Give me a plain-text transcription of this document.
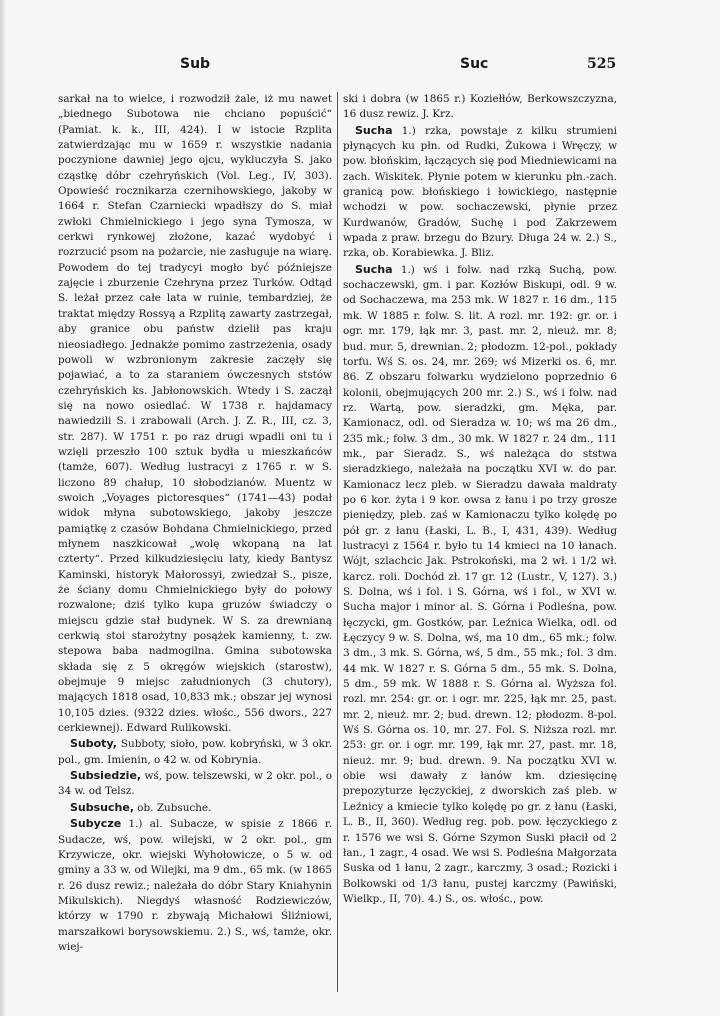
Sub	Suc	525

sarkał na to wielce, i rozwodził żale, iż mu nawet „biednego Subotowa nie chciano popuścić“ (Pamiat. k. k., III, 424). I w istocie Rzplita zatwierdzając mu w 1659 r. wszystkie nadania poczynione dawniej jego ojcu, wykluczyła S. jako cząstkę dóbr czehryńskich (Vol. Leg., IV, 303). Opowieść rocznikarza czernihowskiego, jakoby w 1664 r. Stefan Czarniecki wpadłszy do S. miał zwłoki Chmielnickiego i jego syna Tymosza, w cerkwi rynkowej złożone, kazać wydobyć i rozrzucić psom na pożarcie, nie zasługuje na wiarę. Powodem do tej tradycyi mogło być późniejsze zajęcie i zburzenie Czehryna przez Turków. Odtąd S. leżał przez całe lata w ruinie, tembardziej, że traktat między Rossyą a Rzplitą zawarty zastrzegał, aby granice obu państw dzielił pas kraju nieosiadłego. Jednakże pomimo zastrzeżenia, osady powoli w wzbronionym zakresie zaczęły się pojawiać, a to za staraniem ówczesnych ststów czehryńskich ks. Jabłonowskich. Wtedy i S. zaczął się na nowo osiedlać. W 1738 r. hajdamacy nawiedzili S. i zrabowali (Arch. J. Z. R., III, cz. 3, str. 287). W 1751 r. po raz drugi wpadli oni tu i wzięli przeszło 100 sztuk bydła u mieszkańców (tamże, 607). Według lustracyi z 1765 r. w S. liczono 89 chałup, 10 słobodzianów. Muentz w swoich „Voyages pictoresques“ (1741—43) podał widok młyna subotowskiego, jakoby jeszcze pamiątkę z czasów Bohdana Chmielnickiego, przed młynem naszkicował „wolę wkopaną na lat czterty“. Przed kilkudziesięciu laty, kiedy Bantysz Kaminski, historyk Małorossyi, zwiedzał S., pisze, że ściany domu Chmielnickiego były do połowy rozwalone; dziś tylko kupa gruzów świadczy o miejscu gdzie stał budynek. W S. za drewnianą cerkwią stoi starożytny posążek kamienny, t. zw. stepowa baba nadmogilna. Gmina subotowska składa się z 5 okręgów wiejskich (starostw), obejmuje 9 miejsc załudnionych (3 chutory), mających 1818 osad, 10,833 mk.; obszar jej wynosi 10,105 dzies. (9322 dzies. włośc., 556 dwors., 227 cerkiewnej). Edward Rulikowski.

Suboty, Subboty, sioło, pow. kobryński, w 3 okr. pol., gm. Imienin, o 42 w. od Kobrynia.

Subsiedzie, wś, pow. telszewski, w 2 okr. pol., o 34 w. od Telsz.

Subsuche, ob. Zubsuche.

Subycze 1.) al. Subacze, w spisie z 1866 r. Sudacze, wś, pow. wilejski, w 2 okr. pol., gm Krzywicze, okr. wiejski Wyhołowicze, o 5 w. od gminy a 33 w. od Wilejki, ma 9 dm., 65 mk. (w 1865 r. 26 dusz rewiz.; należała do dóbr Stary Kniahynin Mikulskich). Niegdyś własność Rodziewiczów, którzy w 1790 r. zbywają Michałowi Śliźniowi, marszałkowi borysowskiemu. 2.) S., wś, tamże, okr. wiej-

ski i dobra (w 1865 r.) Koziełłów, Berkowszczyzna, 16 dusz rewiz. J. Krz.

Sucha 1.) rzka, powstaje z kilku strumieni płynących ku płn. od Rudki, Żukowa i Wręczy, w pow. błońskim, łączących się pod Miedniewicami na zach. Wiskitek. Płynie potem w kierunku płn.-zach. granicą pow. błońskiego i łowickiego, następnie wchodzi w pow. sochaczewski, płynie przez Kurdwanów, Gradów, Suchę i pod Zakrzewem wpada z praw. brzegu do Bzury. Długa 24 w. 2.) S., rzka, ob. Korabiewka. J. Bliz.

Sucha 1.) wś i folw. nad rzką Suchą, pow. sochaczewski, gm. i par. Kozłów Biskupi, odl. 9 w. od Sochaczewa, ma 253 mk. W 1827 r. 16 dm., 115 mk. W 1885 r. folw. S. lit. A rozl. mr. 192: gr. or. i ogr. mr. 179, łąk mr. 3, past. mr. 2, nieuż. mr. 8; bud. mur. 5, drewnian. 2; płodozm. 12-pol., pokłady torfu. Wś S. os. 24, mr. 269; wś Mizerki os. 6, mr. 86. Z obszaru folwarku wydzielono poprzednio 6 kolonii, obejmujących 200 mr. 2.) S., wś i folw. nad rz. Wartą, pow. sieradzki, gm. Męka, par. Kamionacz, odl. od Sieradza w. 10; wś ma 26 dm., 235 mk.; folw. 3 dm., 30 mk. W 1827 r. 24 dm., 111 mk., par Sieradz. S., wś należąca do ststwa sieradzkiego, należała na początku XVI w. do par. Kamionacz lecz pleb. w Sieradzu dawała maldraty po 6 kor. żyta i 9 kor. owsa z łanu i po trzy grosze pieniędzy, pleb. zaś w Kamionaczu tylko kolędę po pół gr. z łanu (Łaski, L. B., I, 431, 439). Według lustracyi z 1564 r. było tu 14 kmieci na 10 łanach. Wójt, szlachcic Jak. Pstrokoński, ma 2 wł. i 1/2 wł. karcz. roli. Dochód zł. 17 gr. 12 (Lustr., V, 127). 3.) S. Dolna, wś i fol. i S. Górna, wś i fol., w XVI w. Sucha major i minor al. S. Górna i Podleśna, pow. łęczycki, gm. Gostków, par. Leźnica Wielka, odl. od Łęczycy 9 w. S. Dolna, wś, ma 10 dm., 65 mk.; folw. 3 dm., 3 mk. S. Górna, wś, 5 dm., 55 mk.; fol. 3 dm. 44 mk. W 1827 r. S. Górna 5 dm., 55 mk. S. Dolna, 5 dm., 59 mk. W 1888 r. S. Górna al. Wyższa fol. rozl. mr. 254: gr. or. i ogr. mr. 225, łąk mr. 25, past. mr. 2, nieuż. mr. 2; bud. drewn. 12; płodozm. 8-pol. Wś S. Górna os. 10, mr. 27. Fol. S. Niższa rozl. mr. 253: gr. or. i ogr. mr. 199, łąk mr. 27, past. mr. 18, nieuż. mr. 9; bud. drewn. 9. Na początku XVI w. obie wsi dawały z łanów km. dziesięcinę prepozyturze łęczyckiej, z dworskich zaś pleb. w Leźnicy a kmiecie tylko kolędę po gr. z łanu (Łaski, L. B., II, 360). Według reg. pob. pow. łęczyckiego z r. 1576 we wsi S. Górne Szymon Suski płacił od 2 łan., 1 zagr., 4 osad. We wsi S. Podleśna Małgorzata Suska od 1 łanu, 2 zagr., karczmy, 3 osad.; Rozicki i Bolkowski od 1/3 łanu, pustej karczmy (Pawiński, Wielkp., II, 70). 4.) S., os. włośc., pow.
